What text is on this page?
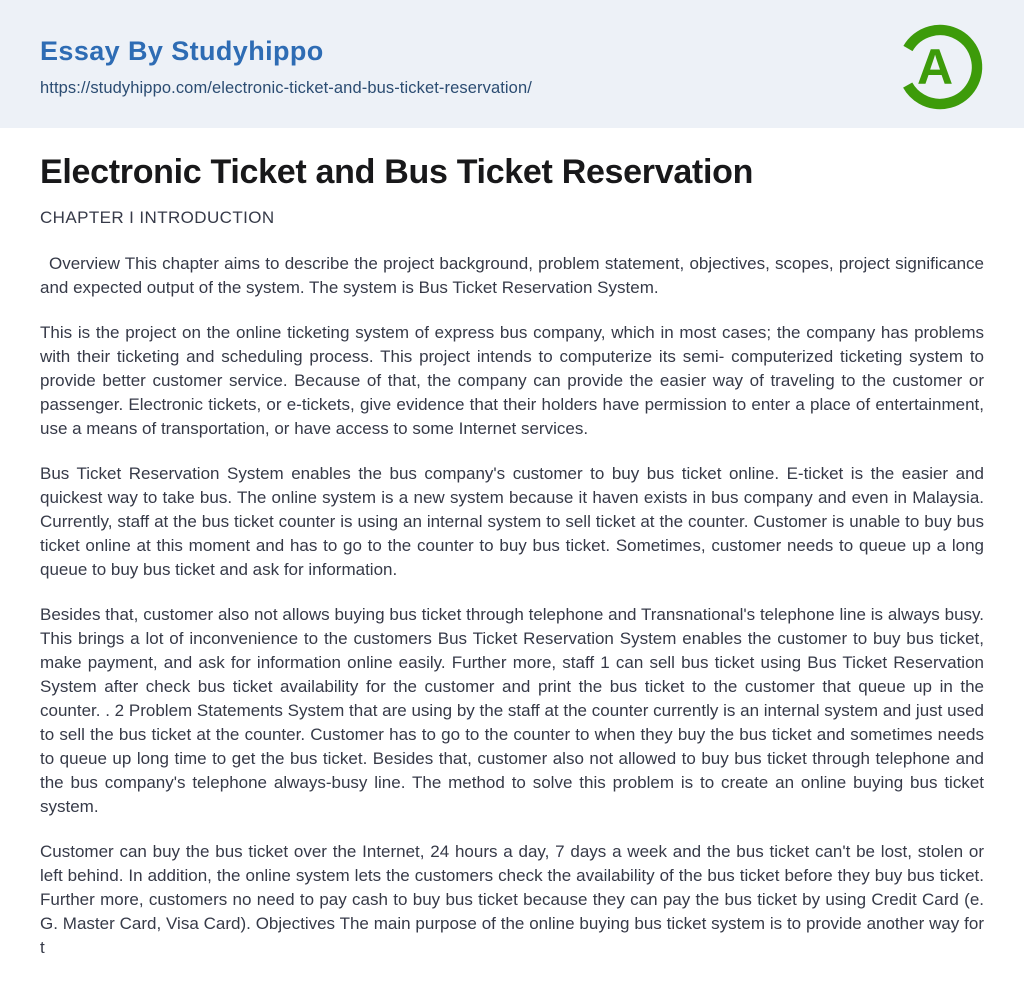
Essay By Studyhippo
https://studyhippo.com/electronic-ticket-and-bus-ticket-reservation/	A
Electronic Ticket and Bus Ticket Reservation

CHAPTER I INTRODUCTION

Overview This chapter aims to describe the project background, problem statement, objectives, scopes, project significance and expected output of the system. The system is Bus Ticket Reservation System.

This is the project on the online ticketing system of express bus company, which in most cases; the company has problems with their ticketing and scheduling process. This project intends to computerize its semi- computerized ticketing system to provide better customer service. Because of that, the company can provide the easier way of traveling to the customer or passenger. Electronic tickets, or e-tickets, give evidence that their holders have permission to enter a place of entertainment, use a means of transportation, or have access to some Internet services.

Bus Ticket Reservation System enables the bus company's customer to buy bus ticket online. E-ticket is the easier and quickest way to take bus. The online system is a new system because it haven exists in bus company and even in Malaysia. Currently, staff at the bus ticket counter is using an internal system to sell ticket at the counter. Customer is unable to buy bus ticket online at this moment and has to go to the counter to buy bus ticket. Sometimes, customer needs to queue up a long queue to buy bus ticket and ask for information.

Besides that, customer also not allows buying bus ticket through telephone and Transnational's telephone line is always busy. This brings a lot of inconvenience to the customers Bus Ticket Reservation System enables the customer to buy bus ticket, make payment, and ask for information online easily. Further more, staff 1 can sell bus ticket using Bus Ticket Reservation System after check bus ticket availability for the customer and print the bus ticket to the customer that queue up in the counter. . 2 Problem Statements System that are using by the staff at the counter currently is an internal system and just used to sell the bus ticket at the counter. Customer has to go to the counter to when they buy the bus ticket and sometimes needs to queue up long time to get the bus ticket. Besides that, customer also not allowed to buy bus ticket through telephone and the bus company's telephone always-busy line. The method to solve this problem is to create an online buying bus ticket system.

Customer can buy the bus ticket over the Internet, 24 hours a day, 7 days a week and the bus ticket can't be lost, stolen or left behind. In addition, the online system lets the customers check the availability of the bus ticket before they buy bus ticket. Further more, customers no need to pay cash to buy bus ticket because they can pay the bus ticket by using Credit Card (e. G. Master Card, Visa Card). Objectives The main purpose of the online buying bus ticket system is to provide another way for t
